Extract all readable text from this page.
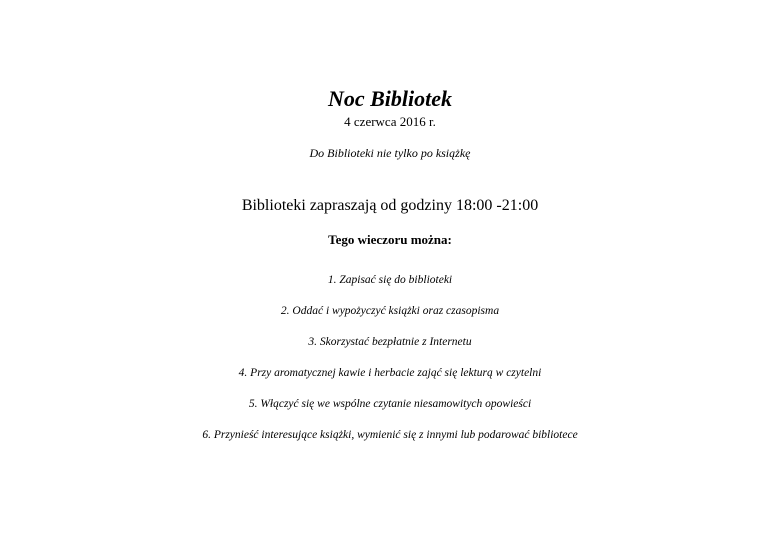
Noc Bibliotek
4 czerwca 2016 r.
Do Biblioteki nie tylko po książkę
Biblioteki zapraszają od godziny 18:00 -21:00
Tego wieczoru można:
1. Zapisać się do biblioteki
2. Oddać i wypożyczyć książki oraz czasopisma
3. Skorzystać bezpłatnie z Internetu
4. Przy aromatycznej kawie i herbacie zająć się lekturą w czytelni
5. Włączyć się we wspólne czytanie niesamowitych opowieści
6. Przynieść interesujące książki, wymienić się z innymi lub podarować bibliotece
